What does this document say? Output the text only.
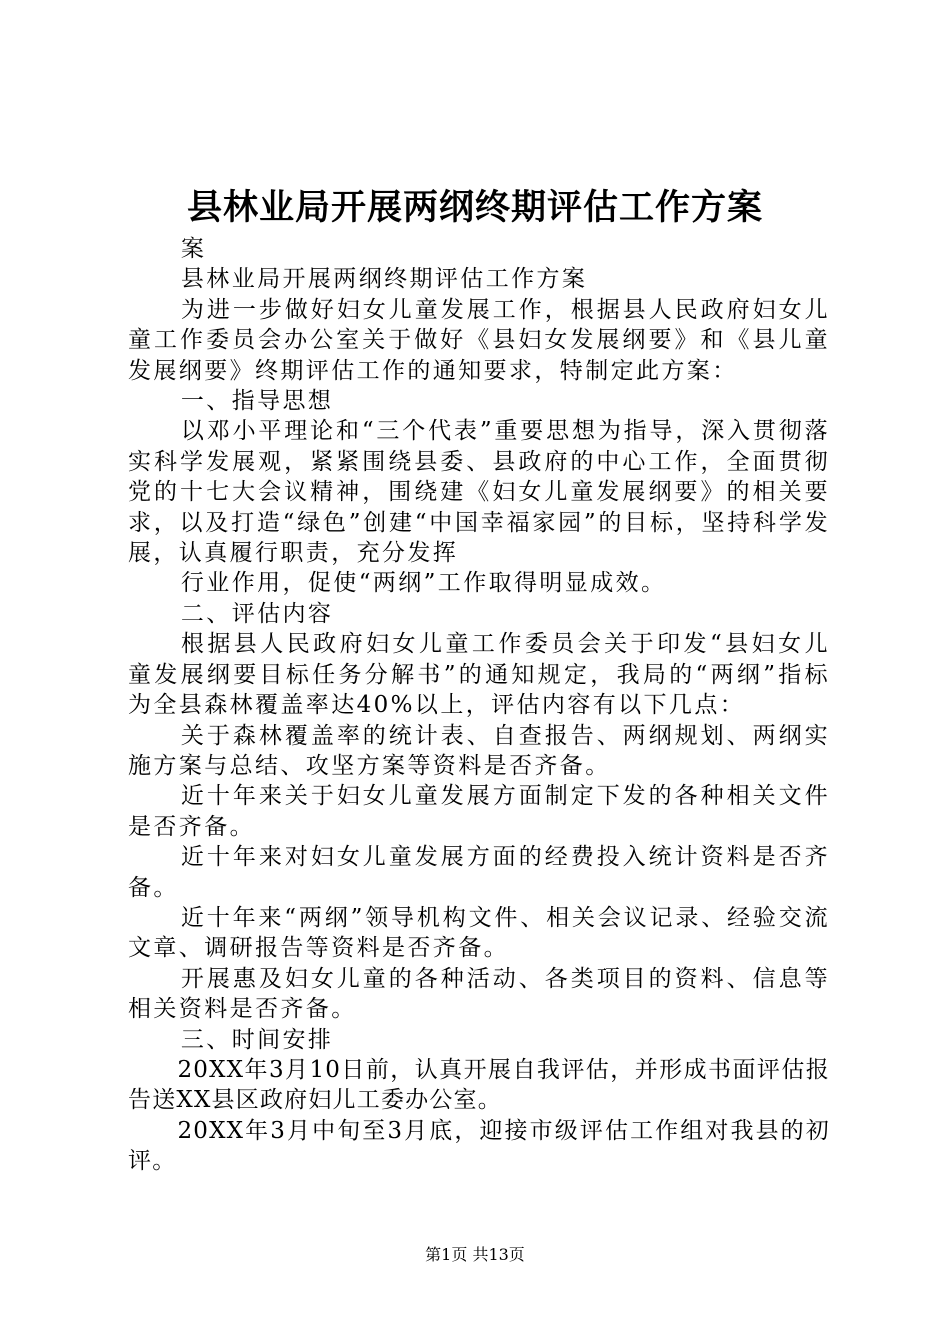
县林业局开展两纲终期评估工作方案

案

县林业局开展两纲终期评估工作方案

为进一步做好妇女儿童发展工作，根据县人民政府妇女儿童工作委员会办公室关于做好《县妇女发展纲要》和《县儿童发展纲要》终期评估工作的通知要求，特制定此方案：

一、指导思想

以邓小平理论和“三个代表”重要思想为指导，深入贯彻落实科学发展观，紧紧围绕县委、县政府的中心工作，全面贯彻党的十七大会议精神，围绕建《妇女儿童发展纲要》的相关要求，以及打造“绿色”创建“中国幸福家园”的目标，坚持科学发展，认真履行职责，充分发挥

行业作用，促使“两纲”工作取得明显成效。

二、评估内容

根据县人民政府妇女儿童工作委员会关于印发“县妇女儿童发展纲要目标任务分解书”的通知规定，我局的“两纲”指标为全县森林覆盖率达40%以上，评估内容有以下几点：

关于森林覆盖率的统计表、自查报告、两纲规划、两纲实施方案与总结、攻坚方案等资料是否齐备。

近十年来关于妇女儿童发展方面制定下发的各种相关文件是否齐备。

近十年来对妇女儿童发展方面的经费投入统计资料是否齐备。

近十年来“两纲”领导机构文件、相关会议记录、经验交流文章、调研报告等资料是否齐备。

开展惠及妇女儿童的各种活动、各类项目的资料、信息等相关资料是否齐备。

三、时间安排

20XX年3月10日前，认真开展自我评估，并形成书面评估报告送XX县区政府妇儿工委办公室。

20XX年3月中旬至3月底，迎接市级评估工作组对我县的初评。

第1页 共13页
